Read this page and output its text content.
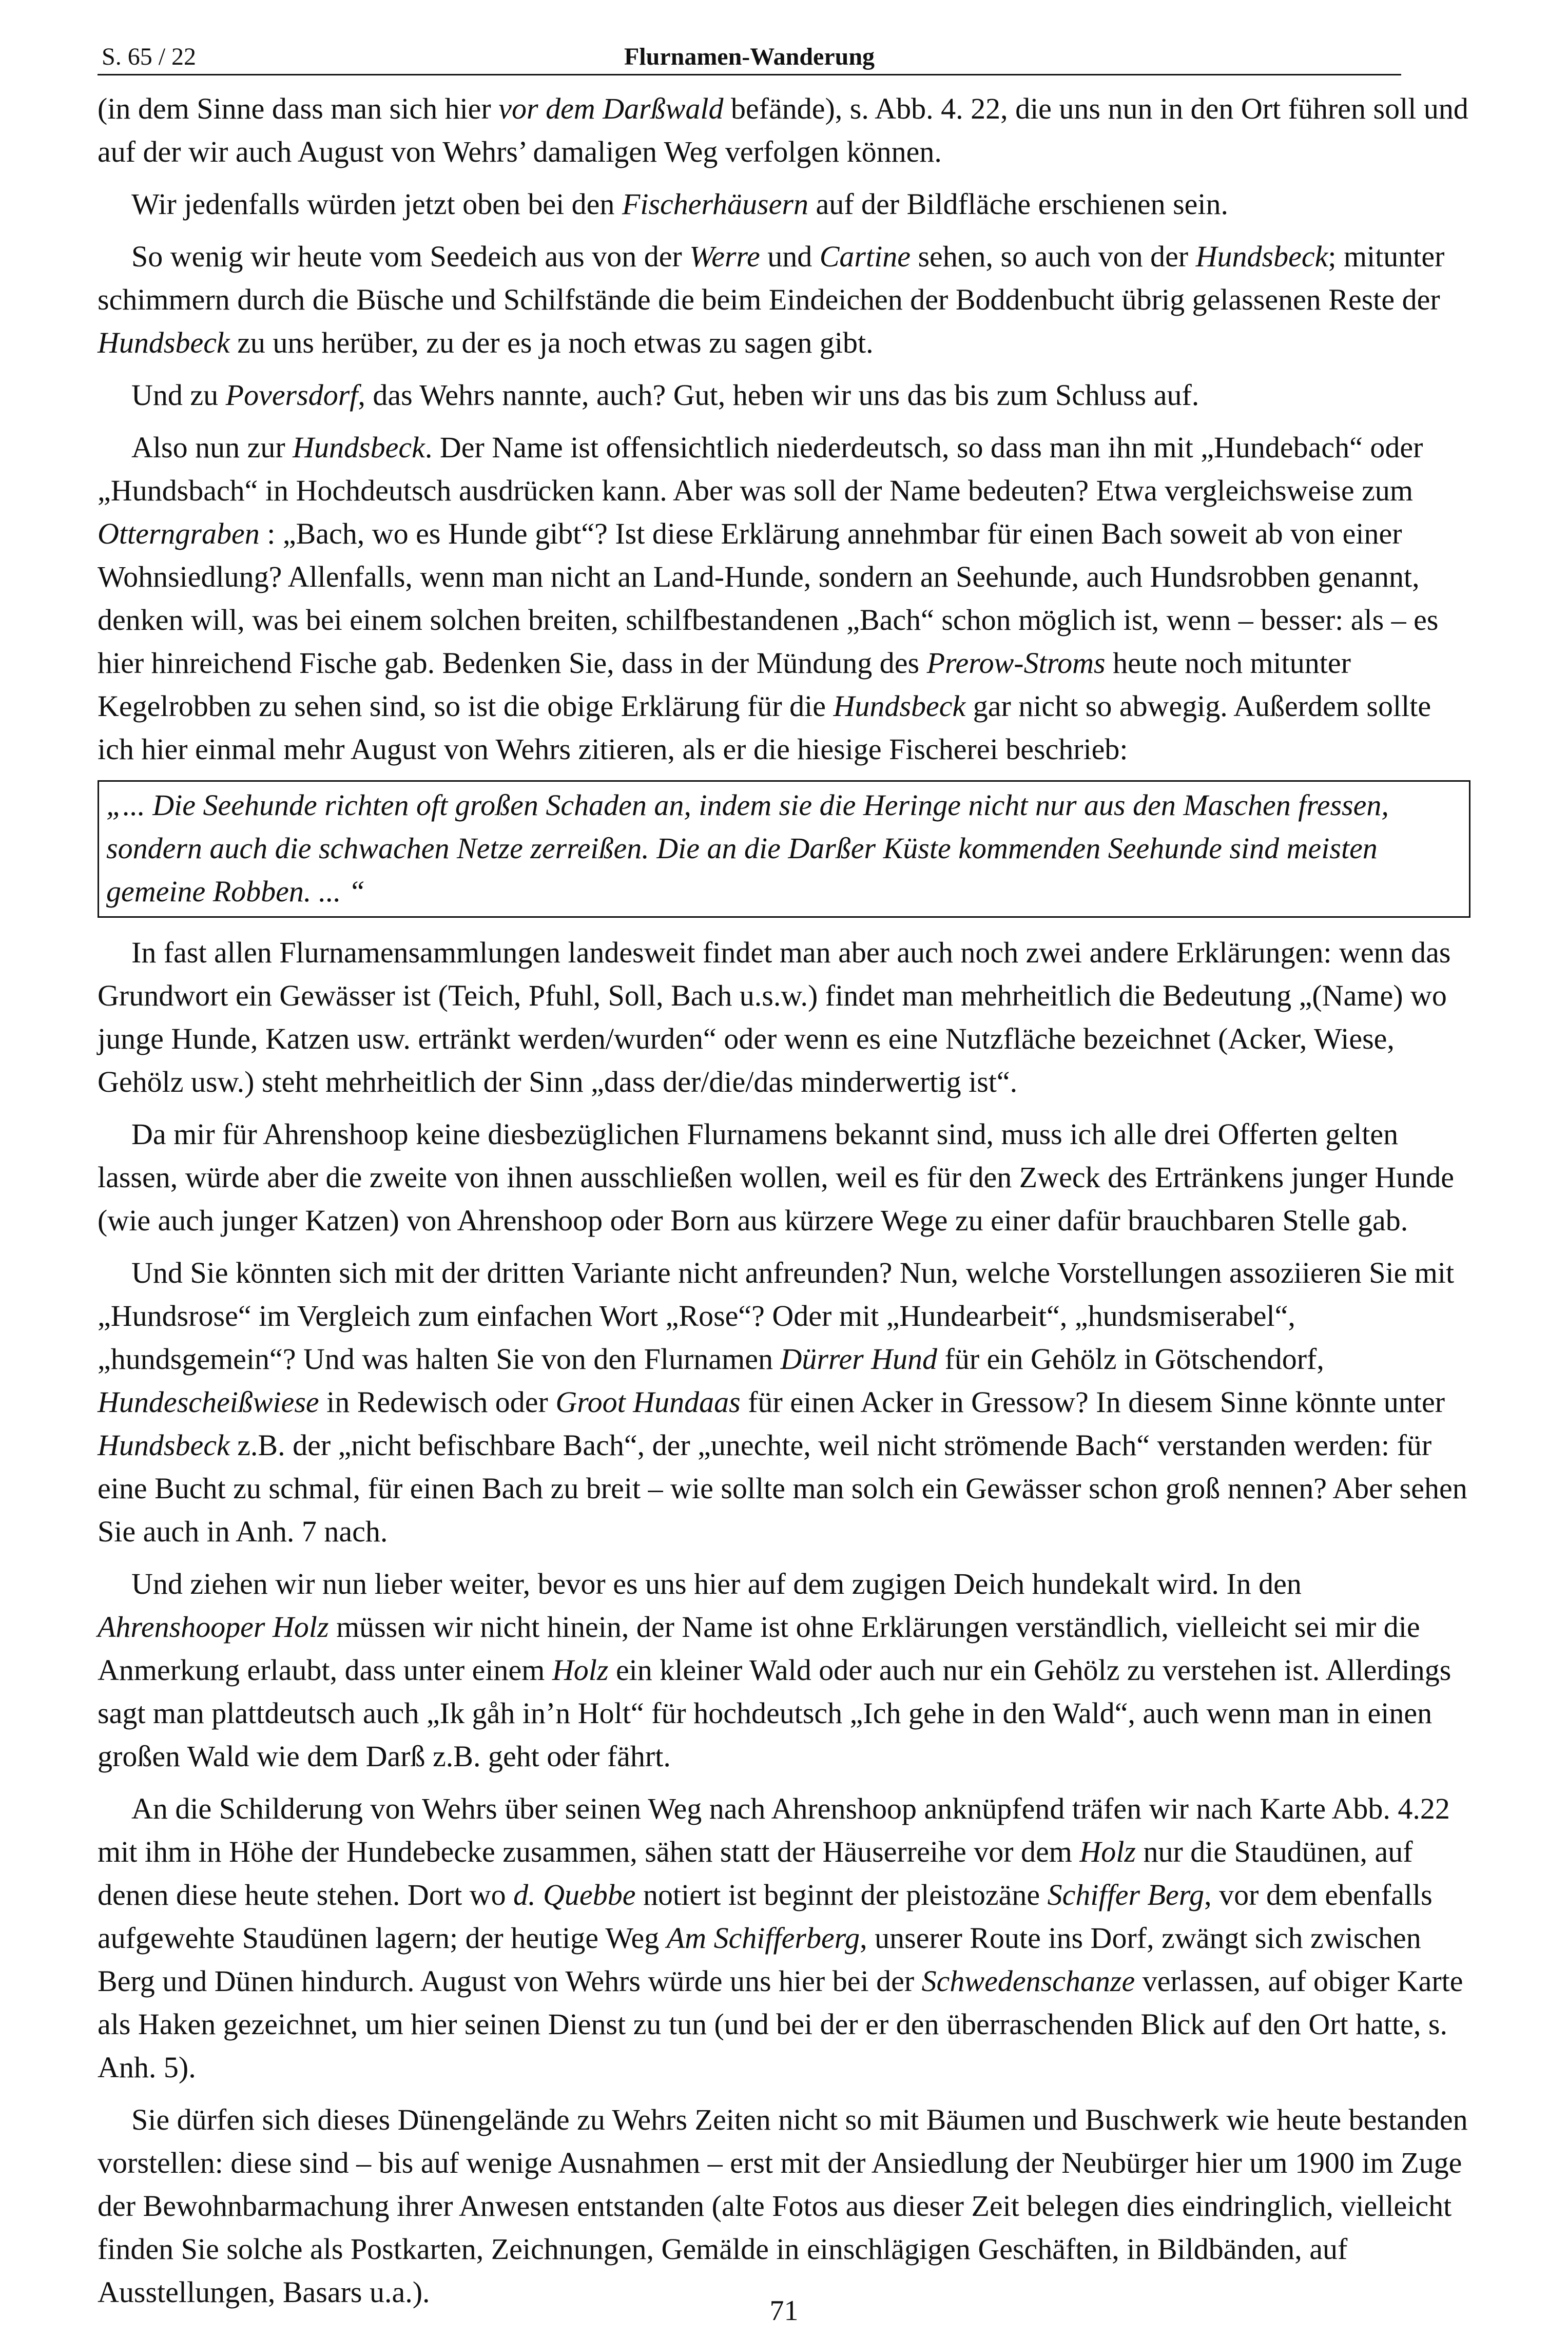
S. 65 / 22	Flurnamen-Wanderung

(in dem Sinne dass man sich hier vor dem Darßwald befände), s. Abb. 4. 22, die uns nun in den Ort führen soll und auf der wir auch August von Wehrs’ damaligen Weg verfolgen können.

Wir jedenfalls würden jetzt oben bei den Fischerhäusern auf der Bildfläche erschienen sein.

So wenig wir heute vom Seedeich aus von der Werre und Cartine sehen, so auch von der Hundsbeck; mitunter schimmern durch die Büsche und Schilfstände die beim Eindeichen der Boddenbucht übrig gelassenen Reste der Hundsbeck zu uns herüber, zu der es ja noch etwas zu sagen gibt.

Und zu Poversdorf, das Wehrs nannte, auch? Gut, heben wir uns das bis zum Schluss auf.

Also nun zur Hundsbeck. Der Name ist offensichtlich niederdeutsch, so dass man ihn mit „Hundebach“ oder „Hundsbach“ in Hochdeutsch ausdrücken kann. Aber was soll der Name bedeuten? Etwa vergleichsweise zum Otterngraben : „Bach, wo es Hunde gibt“? Ist diese Erklärung annehmbar für einen Bach soweit ab von einer Wohnsiedlung? Allenfalls, wenn man nicht an Land-Hunde, sondern an Seehunde, auch Hundsrobben genannt, denken will, was bei einem solchen breiten, schilfbestandenen „Bach“ schon möglich ist, wenn – besser: als – es hier hinreichend Fische gab. Bedenken Sie, dass in der Mündung des Prerow-Stroms heute noch mitunter Kegelrobben zu sehen sind, so ist die obige Erklärung für die Hundsbeck gar nicht so abwegig. Außerdem sollte ich hier einmal mehr August von Wehrs zitieren, als er die hiesige Fischerei beschrieb:

„... Die Seehunde richten oft großen Schaden an, indem sie die Heringe nicht nur aus den Maschen fressen, sondern auch die schwachen Netze zerreißen. Die an die Darßer Küste kommenden Seehunde sind meisten gemeine Robben. ... “

In fast allen Flurnamensammlungen landesweit findet man aber auch noch zwei andere Erklärungen: wenn das Grundwort ein Gewässer ist (Teich, Pfuhl, Soll, Bach u.s.w.) findet man mehrheitlich die Bedeutung „(Name) wo junge Hunde, Katzen usw. ertränkt werden/wurden“ oder wenn es eine Nutzfläche bezeichnet (Acker, Wiese, Gehölz usw.) steht mehrheitlich der Sinn „dass der/die/das minderwertig ist“.

Da mir für Ahrenshoop keine diesbezüglichen Flurnamens bekannt sind, muss ich alle drei Offerten gelten lassen, würde aber die zweite von ihnen ausschließen wollen, weil es für den Zweck des Ertränkens junger Hunde (wie auch junger Katzen) von Ahrenshoop oder Born aus kürzere Wege zu einer dafür brauchbaren Stelle gab.

Und Sie könnten sich mit der dritten Variante nicht anfreunden? Nun, welche Vorstellungen assoziieren Sie mit „Hundsrose“ im Vergleich zum einfachen Wort „Rose“? Oder mit „Hundearbeit“, „hundsmiserabel“, „hundsgemein“? Und was halten Sie von den Flurnamen Dürrer Hund für ein Gehölz in Götschendorf, Hundescheißwiese in Redewisch oder Groot Hundaas für einen Acker in Gressow? In diesem Sinne könnte unter Hundsbeck z.B. der „nicht befischbare Bach“, der „unechte, weil nicht strömende Bach“ verstanden werden: für eine Bucht zu schmal, für einen Bach zu breit – wie sollte man solch ein Gewässer schon groß nennen? Aber sehen Sie auch in Anh. 7 nach.

Und ziehen wir nun lieber weiter, bevor es uns hier auf dem zugigen Deich hundekalt wird. In den Ahrenshooper Holz müssen wir nicht hinein, der Name ist ohne Erklärungen verständlich, vielleicht sei mir die Anmerkung erlaubt, dass unter einem Holz ein kleiner Wald oder auch nur ein Gehölz zu verstehen ist. Allerdings sagt man plattdeutsch auch „Ik gåh in’n Holt“ für hochdeutsch „Ich gehe in den Wald“, auch wenn man in einen großen Wald wie dem Darß z.B. geht oder fährt.

An die Schilderung von Wehrs über seinen Weg nach Ahrenshoop anknüpfend träfen wir nach Karte Abb. 4.22 mit ihm in Höhe der Hundebecke zusammen, sähen statt der Häuserreihe vor dem Holz nur die Staudünen, auf denen diese heute stehen. Dort wo d. Quebbe notiert ist beginnt der pleistozäne Schiffer Berg, vor dem ebenfalls aufgewehte Staudünen lagern; der heutige Weg Am Schifferberg, unserer Route ins Dorf, zwängt sich zwischen Berg und Dünen hindurch. August von Wehrs würde uns hier bei der Schwedenschanze verlassen, auf obiger Karte als Haken gezeichnet, um hier seinen Dienst zu tun (und bei der er den überraschenden Blick auf den Ort hatte, s. Anh. 5).

Sie dürfen sich dieses Dünengelände zu Wehrs Zeiten nicht so mit Bäumen und Buschwerk wie heute bestanden vorstellen: diese sind – bis auf wenige Ausnahmen – erst mit der Ansiedlung der Neubürger hier um 1900 im Zuge der Bewohnbarmachung ihrer Anwesen entstanden (alte Fotos aus dieser Zeit belegen dies eindringlich, vielleicht finden Sie solche als Postkarten, Zeichnungen, Gemälde in einschlägigen Geschäften, in Bildbänden, auf Ausstellungen, Basars u.a.).

71
